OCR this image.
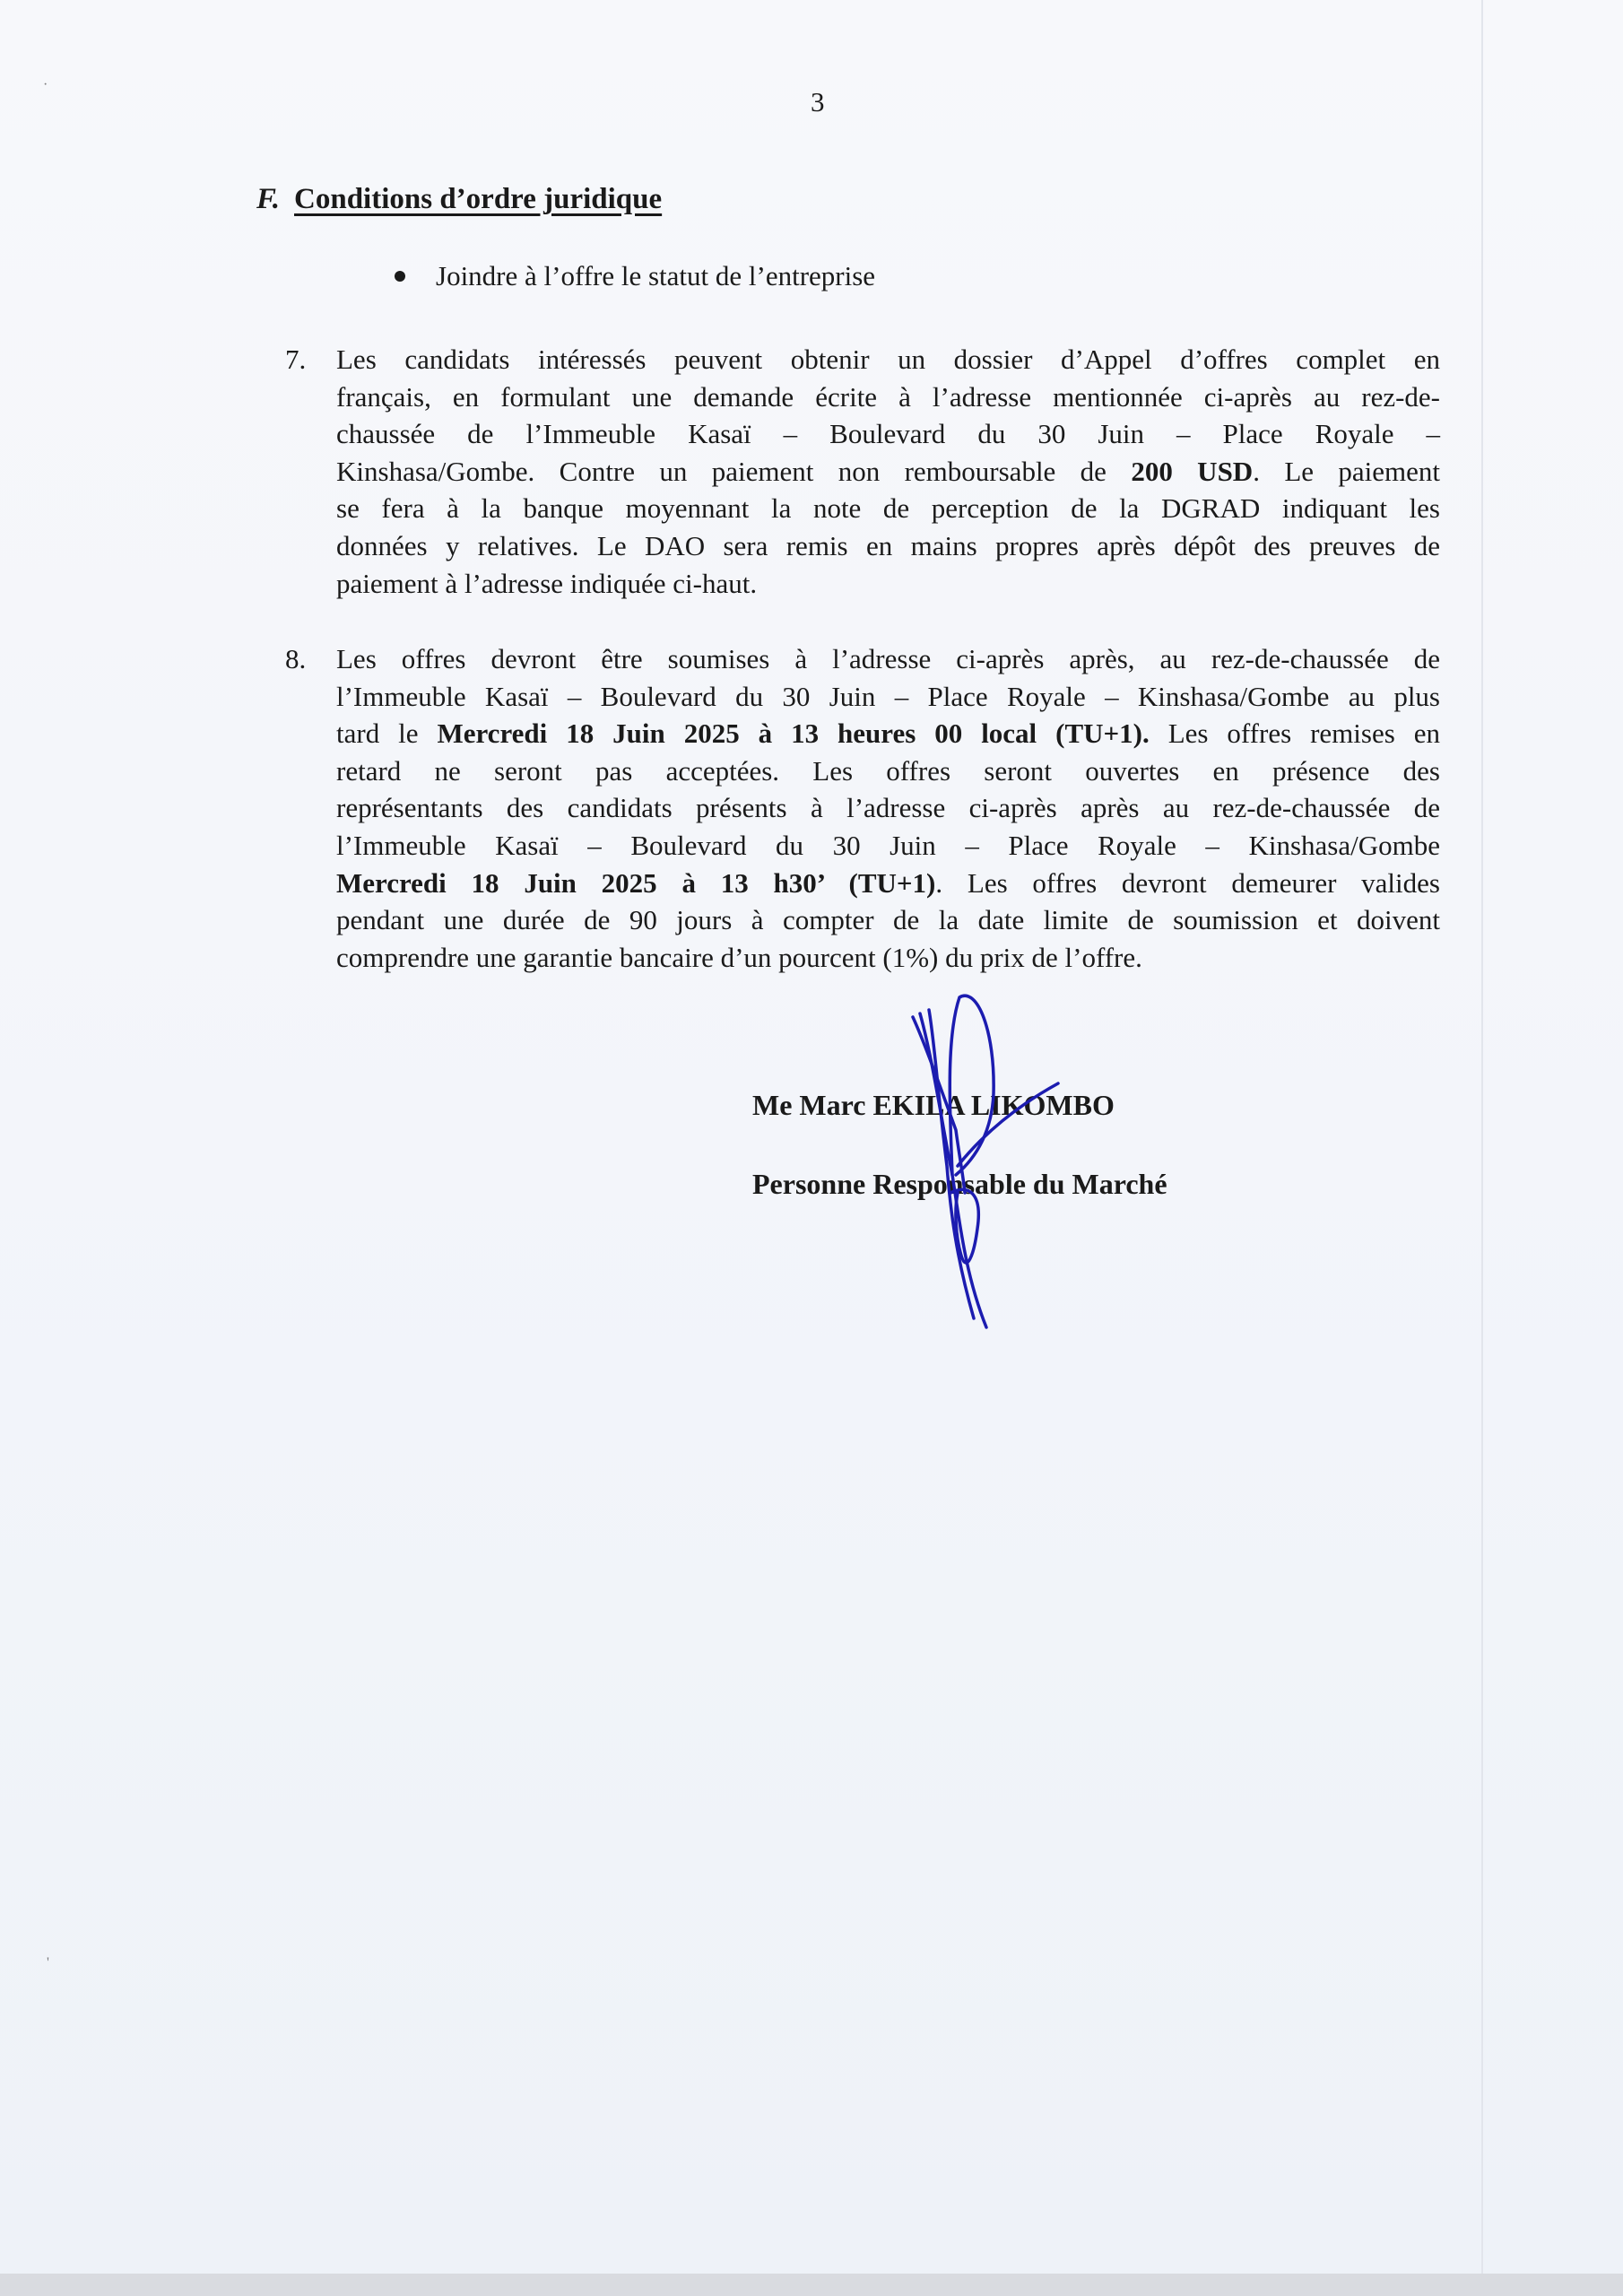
3
F. Conditions d’ordre juridique
Joindre à l’offre le statut de l’entreprise
7. Les candidats intéressés peuvent obtenir un dossier d’Appel d’offres complet en
français, en formulant une demande écrite à l’adresse mentionnée ci-après au rez-de-
chaussée de l’Immeuble Kasaï – Boulevard du 30 Juin – Place Royale –
Kinshasa/Gombe. Contre un paiement non remboursable de 200 USD. Le paiement
se fera à la banque moyennant la note de perception de la DGRAD indiquant les
données y relatives. Le DAO sera remis en mains propres après dépôt des preuves de
paiement à l’adresse indiquée ci-haut.
8. Les offres devront être soumises à l’adresse ci-après après, au rez-de-chaussée de
l’Immeuble Kasaï – Boulevard du 30 Juin – Place Royale – Kinshasa/Gombe au plus
tard le Mercredi 18 Juin 2025 à 13 heures 00 local (TU+1). Les offres remises en
retard ne seront pas acceptées. Les offres seront ouvertes en présence des
représentants des candidats présents à l’adresse ci-après après au rez-de-chaussée de
l’Immeuble Kasaï – Boulevard du 30 Juin – Place Royale – Kinshasa/Gombe
Mercredi 18 Juin 2025 à 13 h30’ (TU+1). Les offres devront demeurer valides
pendant une durée de 90 jours à compter de la date limite de soumission et doivent
comprendre une garantie bancaire d’un pourcent (1%) du prix de l’offre.
Me Marc EKILA LIKOMBO
Personne Responsable du Marché
·
'
